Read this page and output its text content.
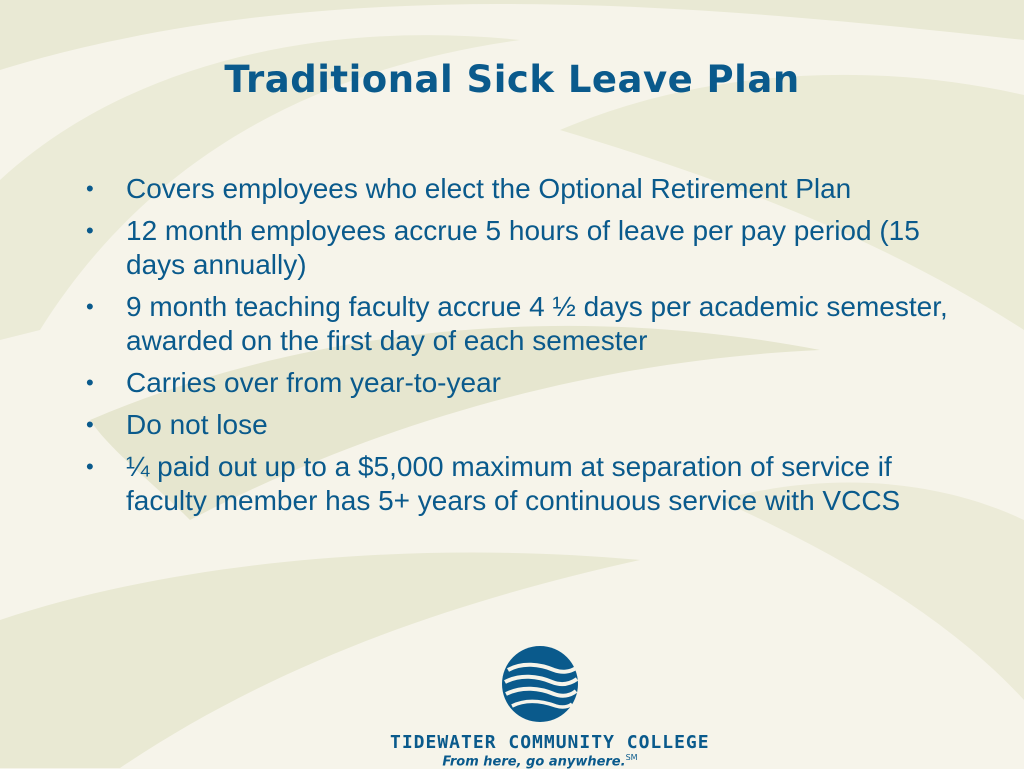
Traditional Sick Leave Plan
•	Covers employees who elect the Optional Retirement Plan
•	12 month employees accrue 5 hours of leave per pay period (15 days annually)
•	9 month teaching faculty accrue 4 ½ days per academic semester, awarded on the first day of each semester
•	Carries over from year-to-year
•	Do not lose
•	¼ paid out up to a $5,000 maximum at separation of service if faculty member has 5+ years of continuous service with VCCS
TIDEWATER COMMUNITY COLLEGE
From here, go anywhere.℠
